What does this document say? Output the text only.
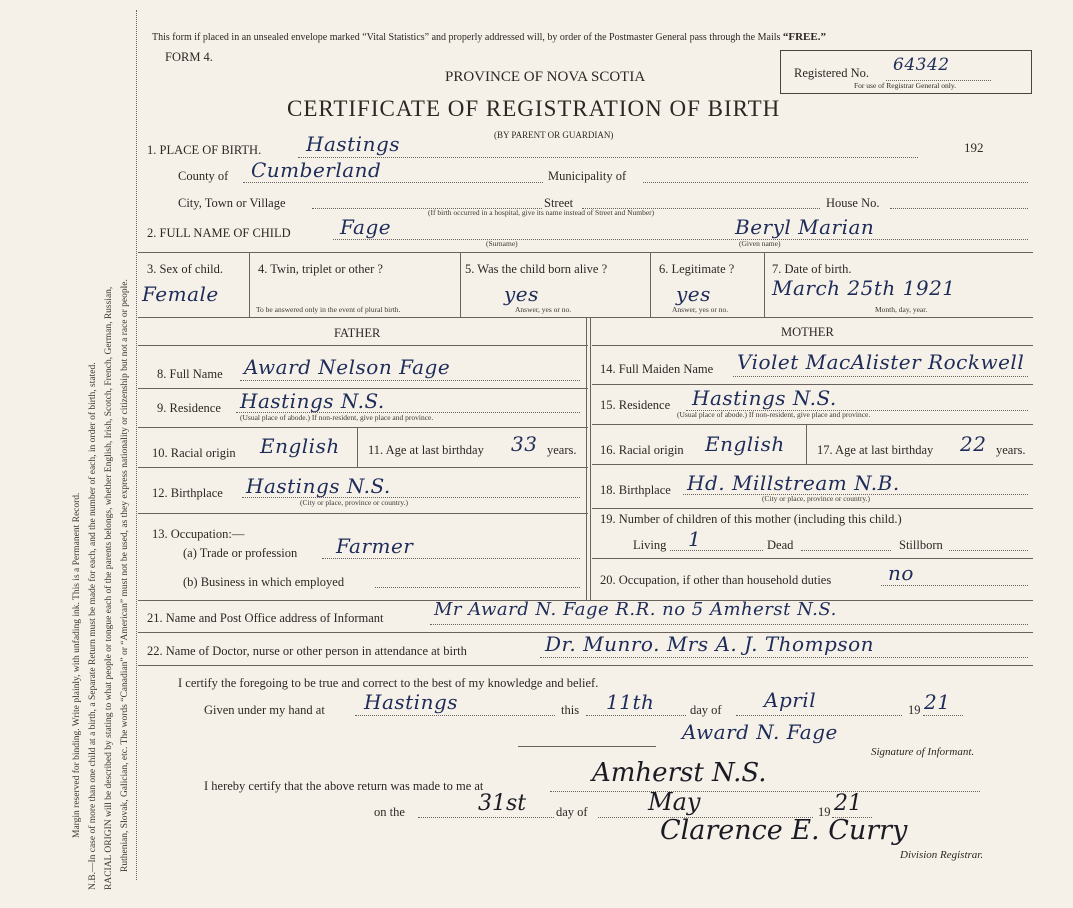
Margin reserved for binding. Write plainly, with unfading ink. This is a Permanent Record. N.B.—In case of more than one child at a birth, a Separate Return must be made for each, and the number of each, in order of birth, stated. RACIAL ORIGIN will be described by stating to what people or tongue each of the parents belongs, whether English, Irish, Scotch, French, German, Russian, Ruthenian, Slovak, Galician, etc. The words “Canadian” or “American” must not be used, as they express nationality or citizenship but not a race or people.
This form if placed in an unsealed envelope marked “Vital Statistics” and properly addressed will, by order of the Postmaster General pass through the Mails “FREE.”
FORM 4.
PROVINCE OF NOVA SCOTIA
CERTIFICATE OF REGISTRATION OF BIRTH
(BY PARENT OR GUARDIAN)
Registered No. 64342
For use of Registrar General only.
1. PLACE OF BIRTH. Hastings	192
County of Cumberland	Municipality of
City, Town or Village	Street	House No.
(If birth occurred in a hospital, give its name instead of Street and Number)
2. FULL NAME OF CHILD Fage	Beryl Marian
(Surname)	(Given name)
3. Sex of child.
Female
4. Twin, triplet or other ?
To be answered only in the event of plural birth.
5. Was the child born alive ?
yes
Answer, yes or no.
6. Legitimate ?
yes
Answer, yes or no.
7. Date of birth.
March 25th 1921
Month, day, year.
FATHER	MOTHER
8. Full Name Award Nelson Fage
9. Residence Hastings N.S.
(Usual place of abode.) If non-resident, give place and province.
10. Racial origin English 11. Age at last birthday 33 years.
12. Birthplace Hastings N.S.
(City or place, province or country.)
13. Occupation:—
(a) Trade or profession Farmer
(b) Business in which employed
14. Full Maiden Name Violet MacAlister Rockwell
15. Residence Hastings N.S.
(Usual place of abode.) If non-resident, give place and province.
16. Racial origin English	17. Age at last birthday 22 years.
18. Birthplace Hd. Millstream N.B.
(City or place, province or country.)
19. Number of children of this mother (including this child.)
Living 1	Dead	Stillborn
20. Occupation, if other than household duties	no
21. Name and Post Office address of Informant	Mr Award N. Fage R.R. no 5 Amherst N.S.
22. Name of Doctor, nurse or other person in attendance at birth	Dr. Munro. Mrs A. J. Thompson
I certify the foregoing to be true and correct to the best of my knowledge and belief.
Given under my hand at Hastings	this 11th	day of April	19 21
Award N. Fage
Signature of Informant.
I hereby certify that the above return was made to me at	Amherst N.S.
on the	31st day of	May	19 21
Clarence E. Curry
Division Registrar.
